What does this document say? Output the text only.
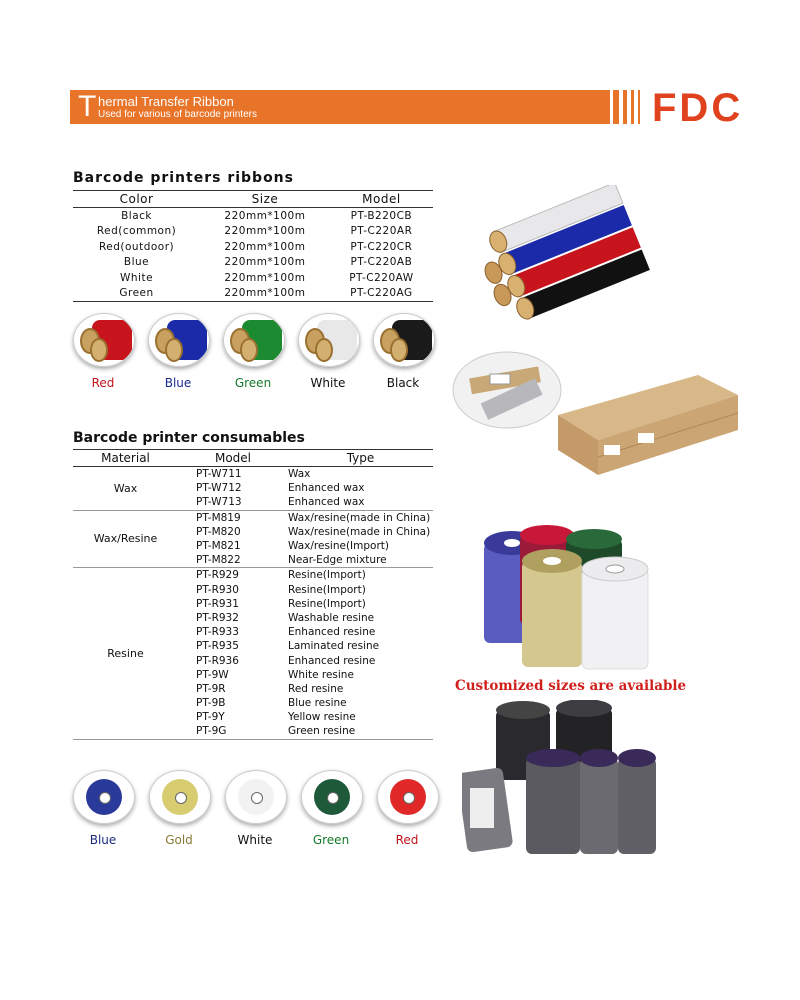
T hermal Transfer Ribbon
Used for various of barcode printers	FDC
Barcode printers ribbons
Color	Size	Model
Black	220mm*100m	PT-B220CB
Red(common)	220mm*100m	PT-C220AR
Red(outdoor)	220mm*100m	PT-C220CR
Blue	220mm*100m	PT-C220AB
White	220mm*100m	PT-C220AW
Green	220mm*100m	PT-C220AG
Red	Blue	Green	White	Black
Barcode printer consumables
Material	Model	Type
Wax	PT-W711	Wax
	PT-W712	Enhanced wax
	PT-W713	Enhanced wax
Wax/Resine	PT-M819	Wax/resine(made in China)
	PT-M820	Wax/resine(made in China)
	PT-M821	Wax/resine(Import)
	PT-M822	Near-Edge mixture
Resine	PT-R929	Resine(Import)
	PT-R930	Resine(Import)
	PT-R931	Resine(Import)
	PT-R932	Washable resine
	PT-R933	Enhanced resine
	PT-R935	Laminated resine
	PT-R936	Enhanced resine
	PT-9W	White resine
	PT-9R	Red resine
	PT-9B	Blue resine
	PT-9Y	Yellow resine
	PT-9G	Green resine
Blue	Gold	White	Green	Red
Customized sizes are available
